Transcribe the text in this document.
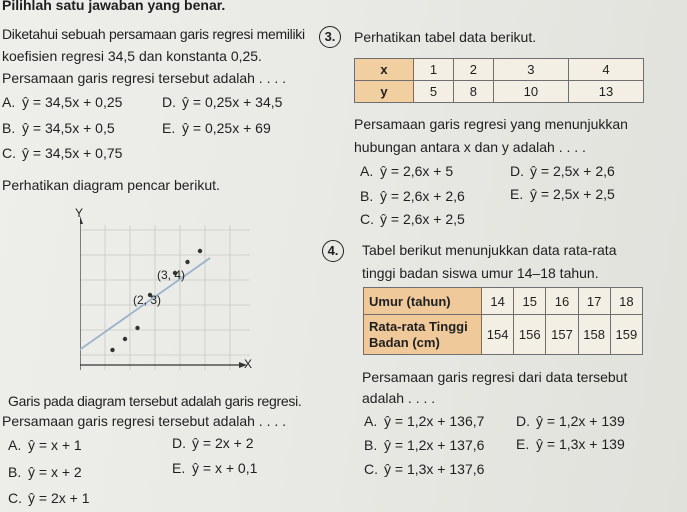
Pilihlah satu jawaban yang benar.
Diketahui sebuah persamaan garis regresi memiliki
koefisien regresi 34,5 dan konstanta 0,25.
Persamaan garis regresi tersebut adalah . . . .
A. ŷ = 34,5x + 0,25	D. ŷ = 0,25x + 34,5
B. ŷ = 34,5x + 0,5	E. ŷ = 0,25x + 69
C. ŷ = 34,5x + 0,75
Perhatikan diagram pencar berikut.
Y
X
(3, 4)
(2, 3)
Garis pada diagram tersebut adalah garis regresi.
Persamaan garis regresi tersebut adalah . . . .
A. ŷ = x + 1	D. ŷ = 2x + 2
B. ŷ = x + 2	E. ŷ = x + 0,1
C. ŷ = 2x + 1
3.	Perhatikan tabel data berikut.
x	1	2	3	4
y	5	8	10	13
Persamaan garis regresi yang menunjukkan
hubungan antara x dan y adalah . . . .
A. ŷ = 2,6x + 5	D. ŷ = 2,5x + 2,6
B. ŷ = 2,6x + 2,6	E. ŷ = 2,5x + 2,5
C. ŷ = 2,6x + 2,5
4.	Tabel berikut menunjukkan data rata-rata
tinggi badan siswa umur 14–18 tahun.
Umur (tahun)	14	15	16	17	18
Rata-rata Tinggi
Badan (cm)	154	156	157	158	159
Persamaan garis regresi dari data tersebut
adalah . . . .
A. ŷ = 1,2x + 136,7 D. ŷ = 1,2x + 139
B. ŷ = 1,2x + 137,6 E. ŷ = 1,3x + 139
C. ŷ = 1,3x + 137,6
